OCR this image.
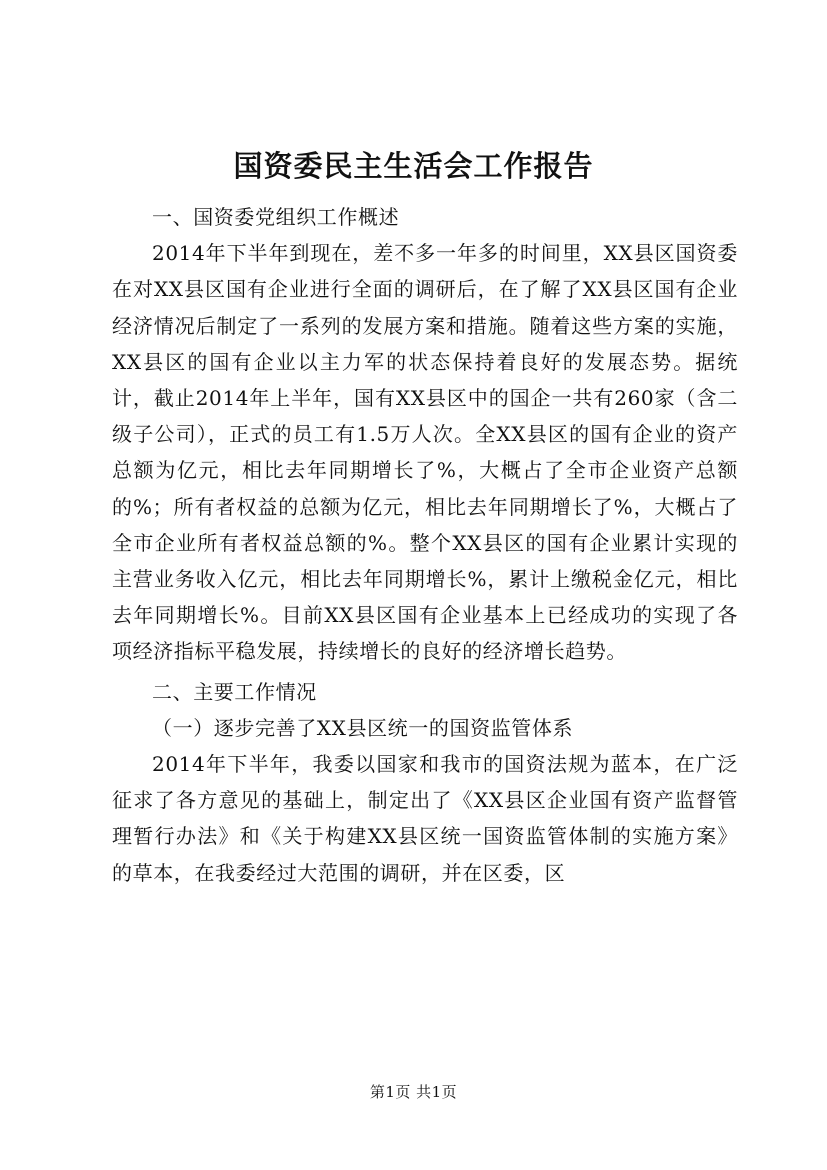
国资委民主生活会工作报告

一、国资委党组织工作概述

2014年下半年到现在，差不多一年多的时间里，XX县区国资委在对XX县区国有企业进行全面的调研后，在了解了XX县区国有企业经济情况后制定了一系列的发展方案和措施。随着这些方案的实施，XX县区的国有企业以主力军的状态保持着良好的发展态势。据统计，截止2014年上半年，国有XX县区中的国企一共有260家（含二级子公司），正式的员工有1.5万人次。全XX县区的国有企业的资产总额为亿元，相比去年同期增长了%，大概占了全市企业资产总额的%；所有者权益的总额为亿元，相比去年同期增长了%，大概占了全市企业所有者权益总额的%。整个XX县区的国有企业累计实现的主营业务收入亿元，相比去年同期增长%，累计上缴税金亿元，相比去年同期增长%。目前XX县区国有企业基本上已经成功的实现了各项经济指标平稳发展，持续增长的良好的经济增长趋势。

二、主要工作情况

（一）逐步完善了XX县区统一的国资监管体系

2014年下半年，我委以国家和我市的国资法规为蓝本，在广泛征求了各方意见的基础上，制定出了《XX县区企业国有资产监督管理暂行办法》和《关于构建XX县区统一国资监管体制的实施方案》的草本，在我委经过大范围的调研，并在区委，区

第1页 共1页
